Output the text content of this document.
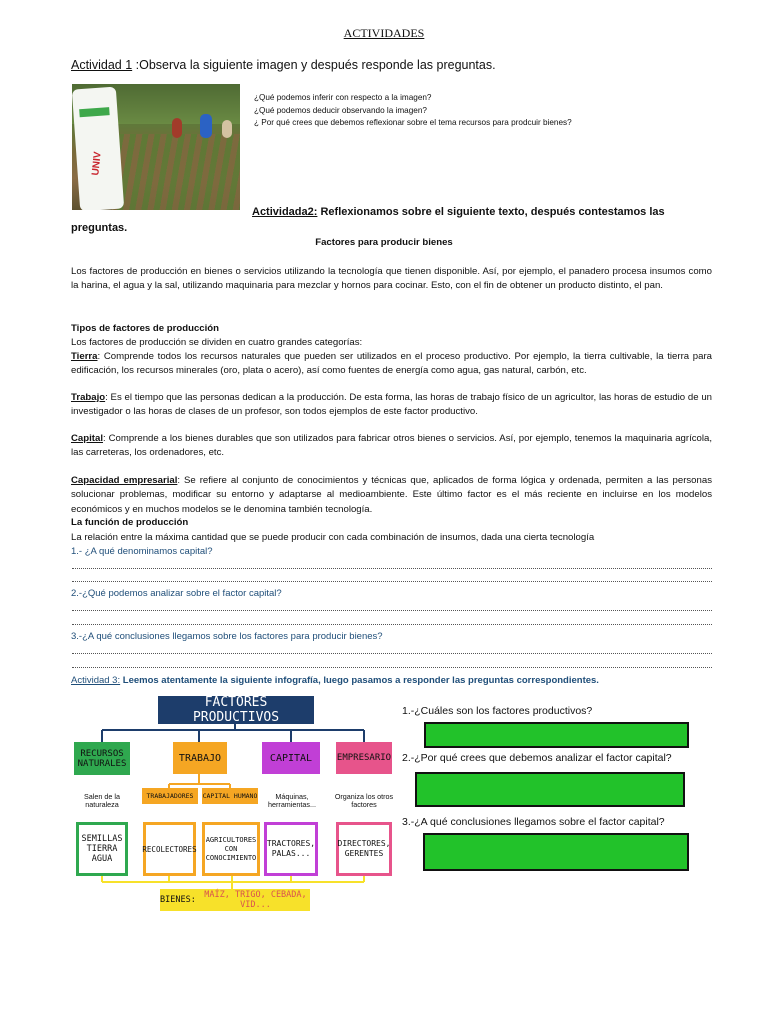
ACTIVIDADES
Actividad 1 :Observa la siguiente imagen y después responde las preguntas.
UNIV
¿Qué podemos inferir con respecto a la imagen?
¿Qué podemos deducir observando la imagen?
¿ Por qué crees que debemos reflexionar sobre el tema recursos para prodcuir bienes?
Actividada2: Reflexionamos sobre el siguiente texto, después contestamos las
preguntas.
Factores para producir bienes
Los factores de producción en bienes o servicios utilizando la tecnología que tienen disponible. Así, por ejemplo, el panadero procesa insumos como la harina, el agua y la sal, utilizando maquinaria para mezclar y hornos para cocinar. Esto, con el fin de obtener un producto distinto, el pan.
Tipos de factores de producción
Los factores de producción se dividen en cuatro grandes categorías:
Tierra: Comprende todos los recursos naturales que pueden ser utilizados en el proceso productivo. Por ejemplo, la tierra cultivable, la tierra para edificación, los recursos minerales (oro, plata o acero), así como fuentes de energía como agua, gas natural, carbón, etc.
Trabajo: Es el tiempo que las personas dedican a la producción. De esta forma, las horas de trabajo físico de un agricultor, las horas de estudio de un investigador o las horas de clases de un profesor, son todos ejemplos de este factor productivo.
Capital: Comprende a los bienes durables que son utilizados para fabricar otros bienes o servicios. Así, por ejemplo, tenemos la maquinaria agrícola, las carreteras, los ordenadores, etc.
Capacidad empresarial: Se refiere al conjunto de conocimientos y técnicas que, aplicados de forma lógica y ordenada, permiten a las personas solucionar problemas, modificar su entorno y adaptarse al medioambiente. Este último factor es el más reciente en incluirse en los modelos económicos y en muchos modelos se le denomina también tecnología.
La función de producción
La relación entre la máxima cantidad que se puede producir con cada combinación de insumos, dada una cierta tecnología
1.- ¿A qué denominamos capital?
2.-¿Qué podemos analizar sobre el factor capital?
3.-¿A qué conclusiones llegamos sobre los factores para producir bienes?
Actividad 3: Leemos atentamente la siguiente infografía, luego pasamos a responder las preguntas correspondientes.
FACTORES PRODUCTIVOS
RECURSOS NATURALES	TRABAJO	CAPITAL	EMPRESARIO
Salen de la naturaleza
TRABAJADORES	CAPITAL HUMANO	Máquinas, herramientas...
Organiza los otros factores
SEMILLAS TIERRA AGUA
RECOLECTORES
AGRICULTORES CON CONOCIMIENTO
TRACTORES, PALAS...
DIRECTORES, GERENTES
BIENES:
MAÍZ, TRIGO, CEBADA, VID...
1.-¿Cuáles son los factores productivos?
2.-¿Por qué crees que debemos analizar el factor capital?
3.-¿A qué conclusiones llegamos sobre el factor capital?
